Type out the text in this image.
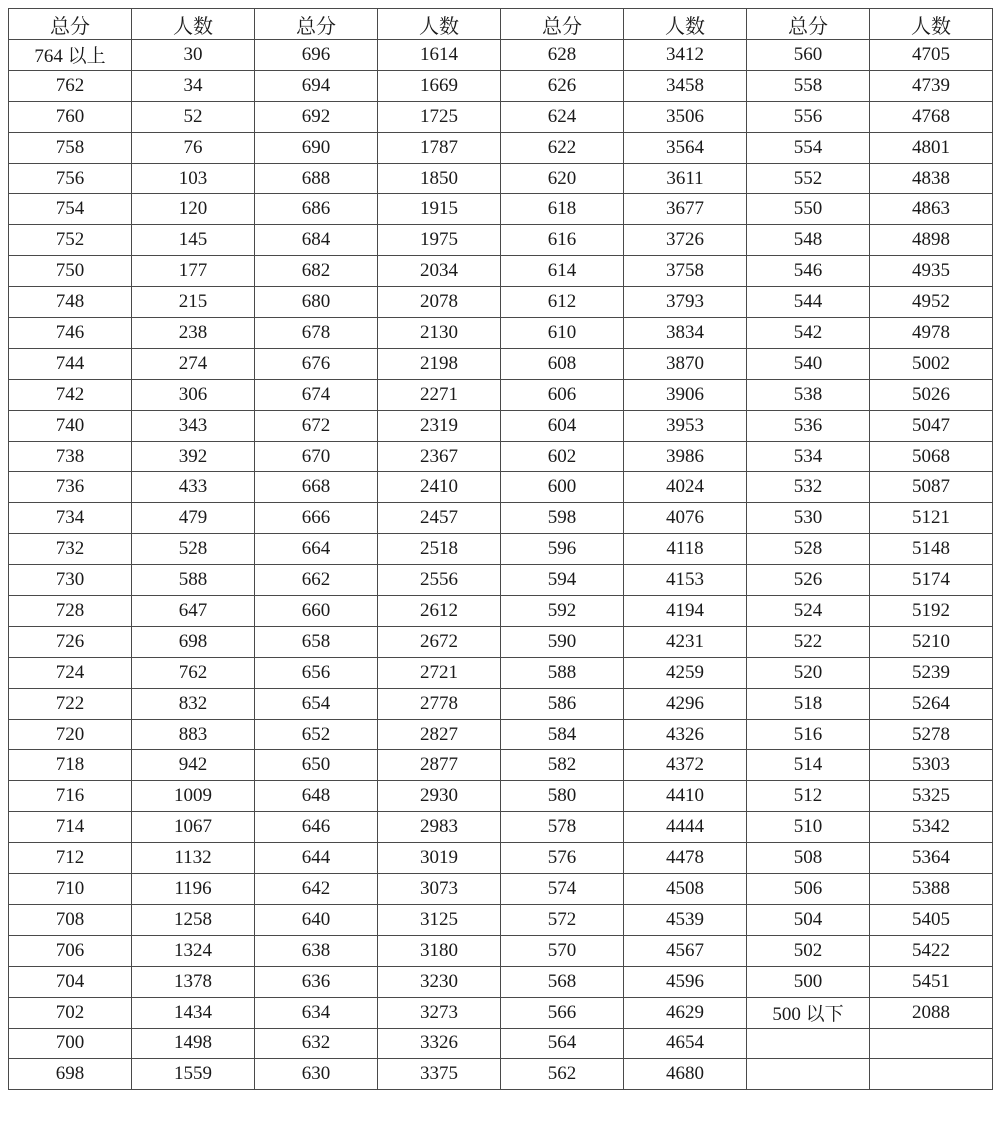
总分	人数	总分	人数	总分	人数	总分	人数
764 以上	30	696	1614	628	3412	560	4705
762	34	694	1669	626	3458	558	4739
760	52	692	1725	624	3506	556	4768
758	76	690	1787	622	3564	554	4801
756	103	688	1850	620	3611	552	4838
754	120	686	1915	618	3677	550	4863
752	145	684	1975	616	3726	548	4898
750	177	682	2034	614	3758	546	4935
748	215	680	2078	612	3793	544	4952
746	238	678	2130	610	3834	542	4978
744	274	676	2198	608	3870	540	5002
742	306	674	2271	606	3906	538	5026
740	343	672	2319	604	3953	536	5047
738	392	670	2367	602	3986	534	5068
736	433	668	2410	600	4024	532	5087
734	479	666	2457	598	4076	530	5121
732	528	664	2518	596	4118	528	5148
730	588	662	2556	594	4153	526	5174
728	647	660	2612	592	4194	524	5192
726	698	658	2672	590	4231	522	5210
724	762	656	2721	588	4259	520	5239
722	832	654	2778	586	4296	518	5264
720	883	652	2827	584	4326	516	5278
718	942	650	2877	582	4372	514	5303
716	1009	648	2930	580	4410	512	5325
714	1067	646	2983	578	4444	510	5342
712	1132	644	3019	576	4478	508	5364
710	1196	642	3073	574	4508	506	5388
708	1258	640	3125	572	4539	504	5405
706	1324	638	3180	570	4567	502	5422
704	1378	636	3230	568	4596	500	5451
702	1434	634	3273	566	4629	500 以下	2088
700	1498	632	3326	564	4654		
698	1559	630	3375	562	4680		
